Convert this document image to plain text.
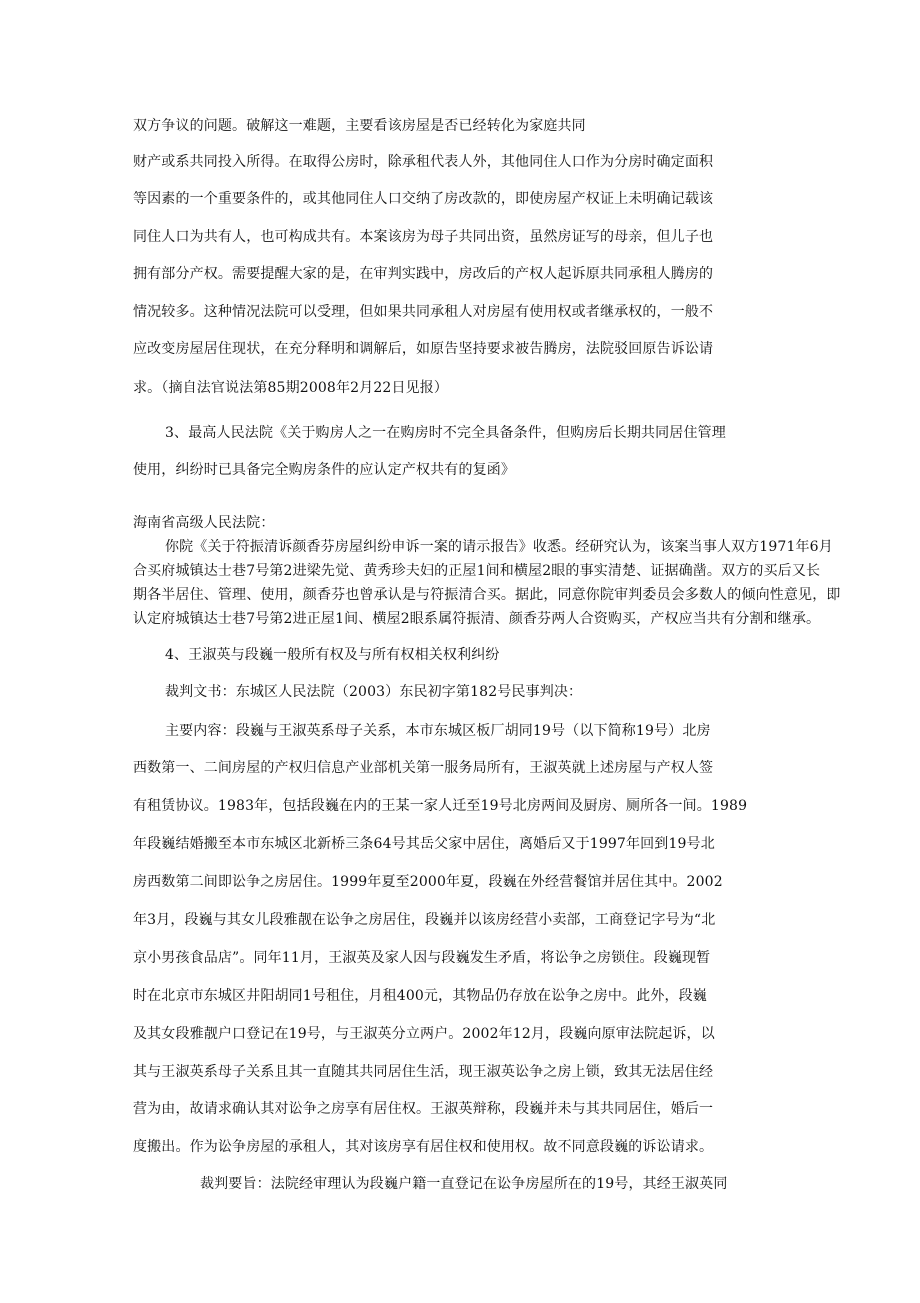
双方争议的问题。破解这一难题，主要看该房屋是否已经转化为家庭共同
财产或系共同投入所得。在取得公房时，除承租代表人外，其他同住人口作为分房时确定面积
等因素的一个重要条件的，或其他同住人口交纳了房改款的，即使房屋产权证上未明确记载该
同住人口为共有人，也可构成共有。本案该房为母子共同出资，虽然房证写的母亲，但儿子也
拥有部分产权。需要提醒大家的是，在审判实践中，房改后的产权人起诉原共同承租人腾房的
情况较多。这种情况法院可以受理，但如果共同承租人对房屋有使用权或者继承权的，一般不
应改变房屋居住现状，在充分释明和调解后，如原告坚持要求被告腾房，法院驳回原告诉讼请
求。（摘自法官说法第85期2008年2月22日见报）
3、最高人民法院《关于购房人之一在购房时不完全具备条件，但购房后长期共同居住管理
使用，纠纷时已具备完全购房条件的应认定产权共有的复函》
海南省高级人民法院：
你院《关于符振清诉颜香芬房屋纠纷申诉一案的请示报告》收悉。经研究认为，该案当事人双方1971年6月
合买府城镇达士巷7号第2进梁先觉、黄秀珍夫妇的正屋1间和横屋2眼的事实清楚、证据确凿。双方的买后又长
期各半居住、管理、使用，颜香芬也曾承认是与符振清合买。据此，同意你院审判委员会多数人的倾向性意见，即
认定府城镇达士巷7号第2进正屋1间、横屋2眼系属符振清、颜香芬两人合资购买，产权应当共有分割和继承。
4、王淑英与段巍一般所有权及与所有权相关权利纠纷
裁判文书：东城区人民法院（2003）东民初字第182号民事判决：
主要内容：段巍与王淑英系母子关系，本市东城区板厂胡同19号（以下简称19号）北房
西数第一、二间房屋的产权归信息产业部机关第一服务局所有，王淑英就上述房屋与产权人签
有租赁协议。1983年，包括段巍在内的王某一家人迁至19号北房两间及厨房、厕所各一间。1989
年段巍结婚搬至本市东城区北新桥三条64号其岳父家中居住，离婚后又于1997年回到19号北
房西数第二间即讼争之房居住。1999年夏至2000年夏，段巍在外经营餐馆并居住其中。2002
年3月，段巍与其女儿段雅靓在讼争之房居住，段巍并以该房经营小卖部，工商登记字号为“北
京小男孩食品店”。同年11月，王淑英及家人因与段巍发生矛盾，将讼争之房锁住。段巍现暂
时在北京市东城区井阳胡同1号租住，月租400元，其物品仍存放在讼争之房中。此外，段巍
及其女段雅靓户口登记在19号，与王淑英分立两户。2002年12月，段巍向原审法院起诉，以
其与王淑英系母子关系且其一直随其共同居住生活，现王淑英讼争之房上锁，致其无法居住经
营为由，故请求确认其对讼争之房享有居住权。王淑英辩称，段巍并未与其共同居住，婚后一
度搬出。作为讼争房屋的承租人，其对该房享有居住权和使用权。故不同意段巍的诉讼请求。
裁判要旨：法院经审理认为段巍户籍一直登记在讼争房屋所在的19号，其经王淑英同
